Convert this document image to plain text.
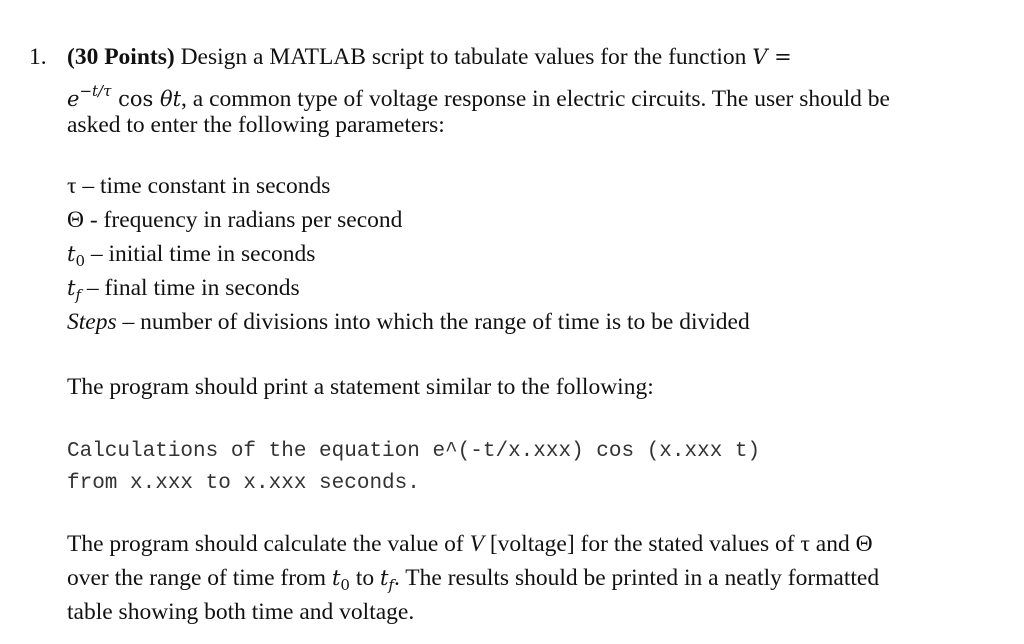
1. (30 Points) Design a MATLAB script to tabulate values for the function V =
$e^{-t/\tau}$ cos θt, a common type of voltage response in electric circuits. The user should be
asked to enter the following parameters:
τ – time constant in seconds
Θ - frequency in radians per second
$t_0$ – initial time in seconds
$t_f$ – final time in seconds
Steps – number of divisions into which the range of time is to be divided
The program should print a statement similar to the following:
Calculations of the equation e^(-t/x.xxx) cos (x.xxx t)
from x.xxx to x.xxx seconds.
The program should calculate the value of V [voltage] for the stated values of τ and Θ
over the range of time from $t_0$ to $t_f$. The results should be printed in a neatly formatted
table showing both time and voltage.
